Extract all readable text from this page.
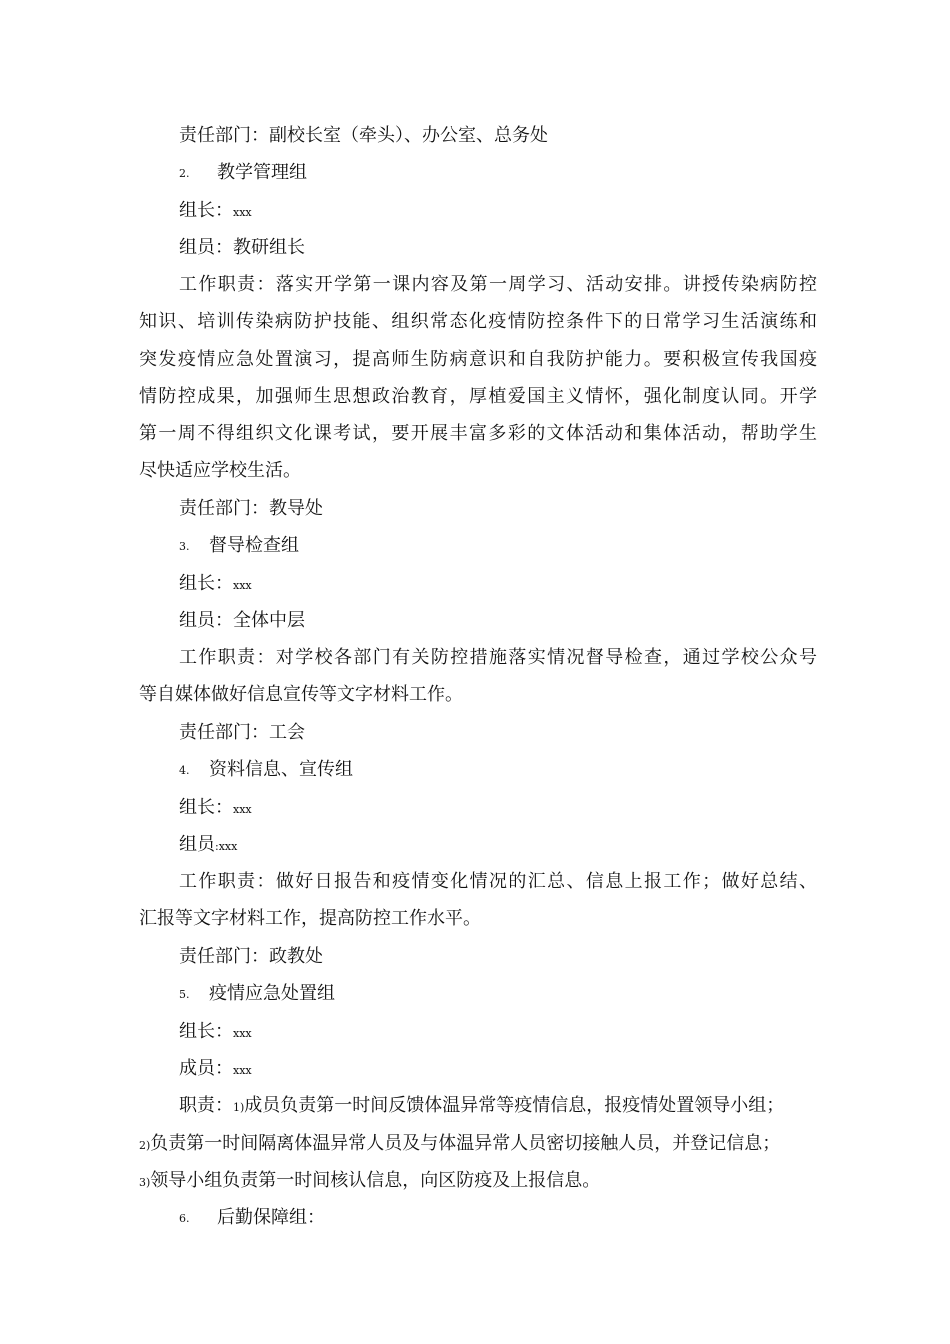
责任部门：副校长室（牵头）、办公室、总务处
2. 教学管理组
组长：xxx
组员：教研组长
工作职责：落实开学第一课内容及第一周学习、活动安排。讲授传染病防控
知识、培训传染病防护技能、组织常态化疫情防控条件下的日常学习生活演练和
突发疫情应急处置演习，提高师生防病意识和自我防护能力。要积极宣传我国疫
情防控成果，加强师生思想政治教育，厚植爱国主义情怀，强化制度认同。开学
第一周不得组织文化课考试，要开展丰富多彩的文体活动和集体活动，帮助学生
尽快适应学校生活。
责任部门：教导处
3. 督导检查组
组长：xxx
组员：全体中层
工作职责：对学校各部门有关防控措施落实情况督导检查，通过学校公众号
等自媒体做好信息宣传等文字材料工作。
责任部门：工会
4. 资料信息、宣传组
组长：xxx
组员:xxx
工作职责：做好日报告和疫情变化情况的汇总、信息上报工作；做好总结、
汇报等文字材料工作，提高防控工作水平。
责任部门：政教处
5. 疫情应急处置组
组长：xxx
成员：xxx
职责：1)成员负责第一时间反馈体温异常等疫情信息，报疫情处置领导小组；
2)负责第一时间隔离体温异常人员及与体温异常人员密切接触人员，并登记信息；
3)领导小组负责第一时间核认信息，向区防疫及上报信息。
6. 后勤保障组：
